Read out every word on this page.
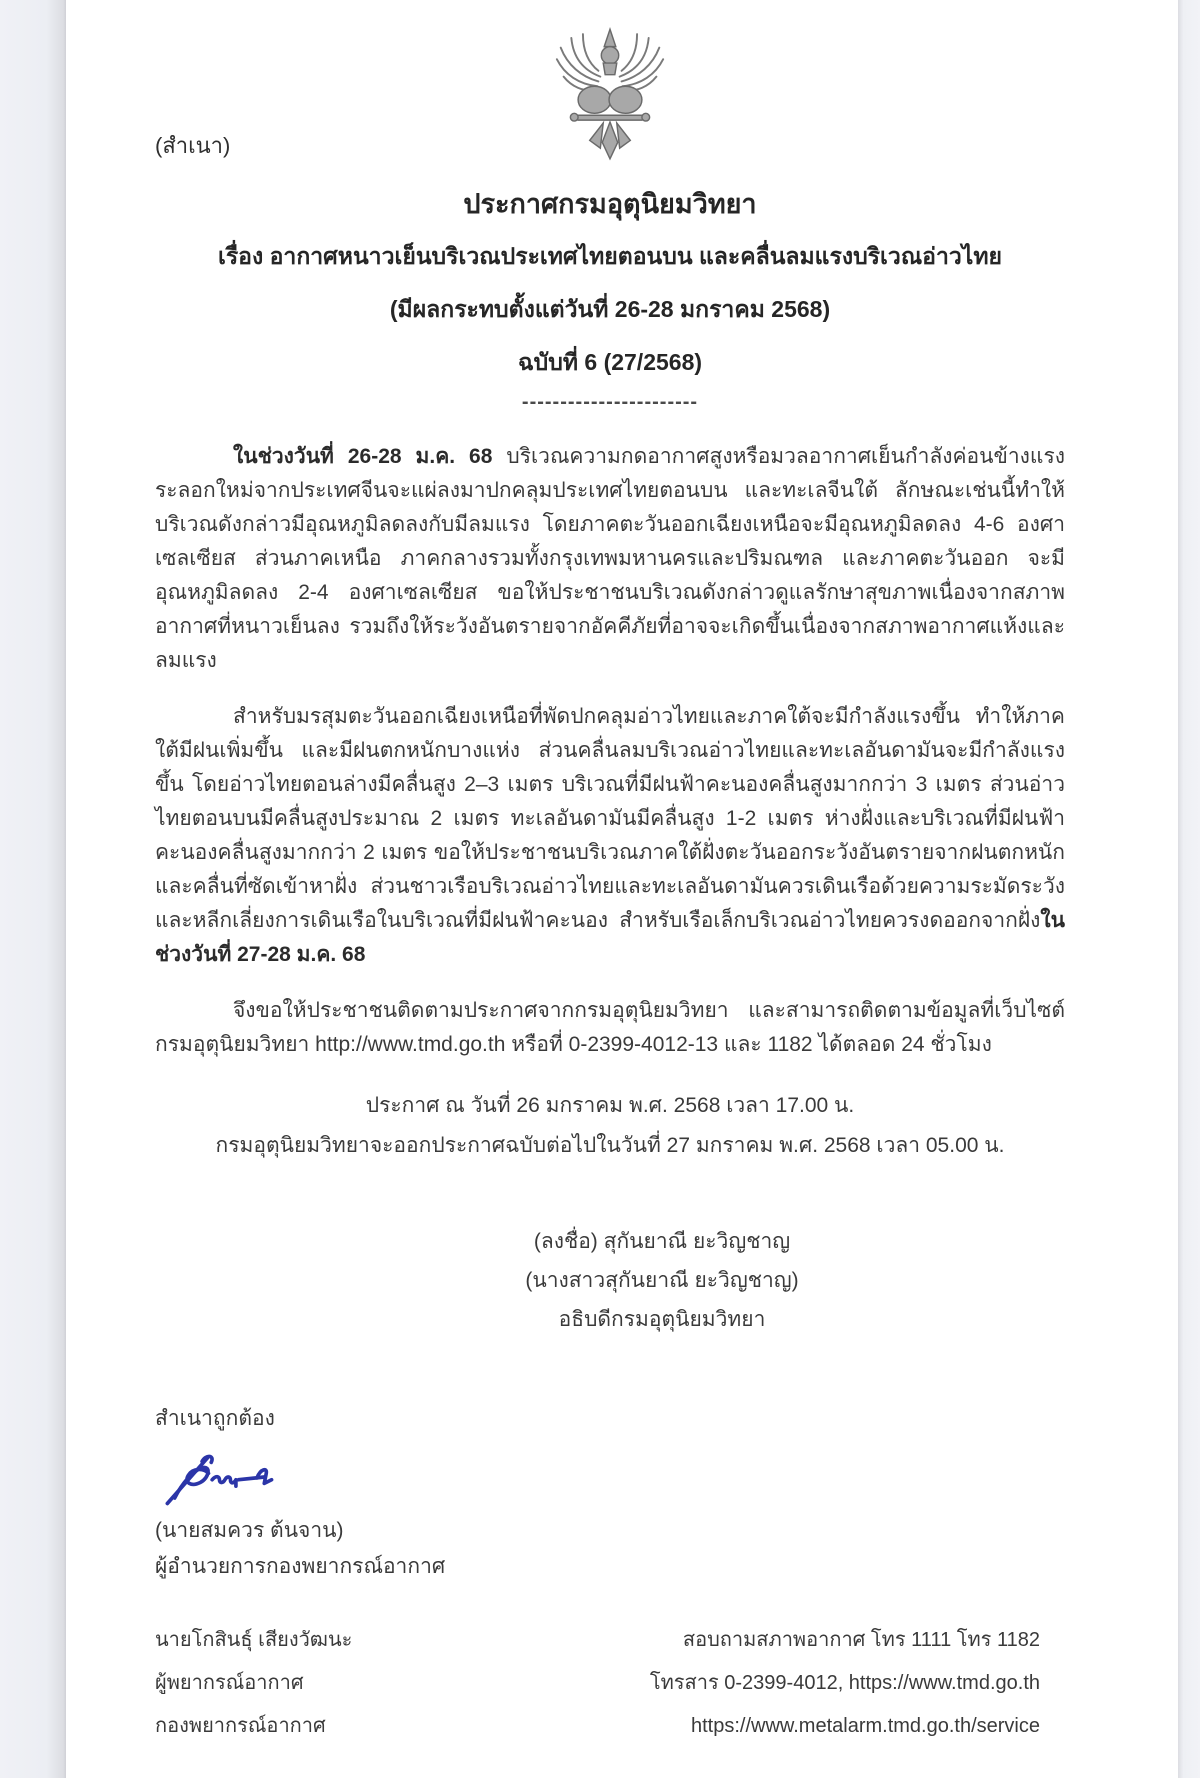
(สำเนา)
ประกาศกรมอุตุนิยมวิทยา
เรื่อง อากาศหนาวเย็นบริเวณประเทศไทยตอนบน และคลื่นลมแรงบริเวณอ่าวไทย
(มีผลกระทบตั้งแต่วันที่ 26-28 มกราคม 2568)
ฉบับที่ 6 (27/2568)
-----------------------

ในช่วงวันที่ 26-28 ม.ค. 68 บริเวณความกดอากาศสูงหรือมวลอากาศเย็นกำลังค่อนข้างแรงระลอกใหม่จากประเทศจีนจะแผ่ลงมาปกคลุมประเทศไทยตอนบน และทะเลจีนใต้ ลักษณะเช่นนี้ทำให้บริเวณดังกล่าวมีอุณหภูมิลดลงกับมีลมแรง โดยภาคตะวันออกเฉียงเหนือจะมีอุณหภูมิลดลง 4-6 องศาเซลเซียส ส่วนภาคเหนือ ภาคกลางรวมทั้งกรุงเทพมหานครและปริมณฑล และภาคตะวันออก จะมีอุณหภูมิลดลง 2-4 องศาเซลเซียส ขอให้ประชาชนบริเวณดังกล่าวดูแลรักษาสุขภาพเนื่องจากสภาพอากาศที่หนาวเย็นลง รวมถึงให้ระวังอันตรายจากอัคคีภัยที่อาจจะเกิดขึ้นเนื่องจากสภาพอากาศแห้งและลมแรง

สำหรับมรสุมตะวันออกเฉียงเหนือที่พัดปกคลุมอ่าวไทยและภาคใต้จะมีกำลังแรงขึ้น ทำให้ภาคใต้มีฝนเพิ่มขึ้น และมีฝนตกหนักบางแห่ง ส่วนคลื่นลมบริเวณอ่าวไทยและทะเลอันดามันจะมีกำลังแรงขึ้น โดยอ่าวไทยตอนล่างมีคลื่นสูง 2–3 เมตร บริเวณที่มีฝนฟ้าคะนองคลื่นสูงมากกว่า 3 เมตร ส่วนอ่าวไทยตอนบนมีคลื่นสูงประมาณ 2 เมตร ทะเลอันดามันมีคลื่นสูง 1-2 เมตร ห่างฝั่งและบริเวณที่มีฝนฟ้าคะนองคลื่นสูงมากกว่า 2 เมตร ขอให้ประชาชนบริเวณภาคใต้ฝั่งตะวันออกระวังอันตรายจากฝนตกหนัก และคลื่นที่ซัดเข้าหาฝั่ง ส่วนชาวเรือบริเวณอ่าวไทยและทะเลอันดามันควรเดินเรือด้วยความระมัดระวังและหลีกเลี่ยงการเดินเรือในบริเวณที่มีฝนฟ้าคะนอง สำหรับเรือเล็กบริเวณอ่าวไทยควรงดออกจากฝั่งในช่วงวันที่ 27-28 ม.ค. 68

จึงขอให้ประชาชนติดตามประกาศจากกรมอุตุนิยมวิทยา และสามารถติดตามข้อมูลที่เว็บไซต์กรมอุตุนิยมวิทยา http://www.tmd.go.th หรือที่ 0-2399-4012-13 และ 1182 ได้ตลอด 24 ชั่วโมง

ประกาศ ณ วันที่ 26 มกราคม พ.ศ. 2568 เวลา 17.00 น.
กรมอุตุนิยมวิทยาจะออกประกาศฉบับต่อไปในวันที่ 27 มกราคม พ.ศ. 2568 เวลา 05.00 น.
(ลงชื่อ) สุกันยาณี ยะวิญชาญ
(นางสาวสุกันยาณี ยะวิญชาญ)
อธิบดีกรมอุตุนิยมวิทยา
สำเนาถูกต้อง
(นายสมควร ต้นจาน)
ผู้อำนวยการกองพยากรณ์อากาศ
นายโกสินธุ์ เสียงวัฒนะ
ผู้พยากรณ์อากาศ
กองพยากรณ์อากาศ
สอบถามสภาพอากาศ โทร 1111 โทร 1182
โทรสาร 0-2399-4012, https://www.tmd.go.th
https://www.metalarm.tmd.go.th/service
